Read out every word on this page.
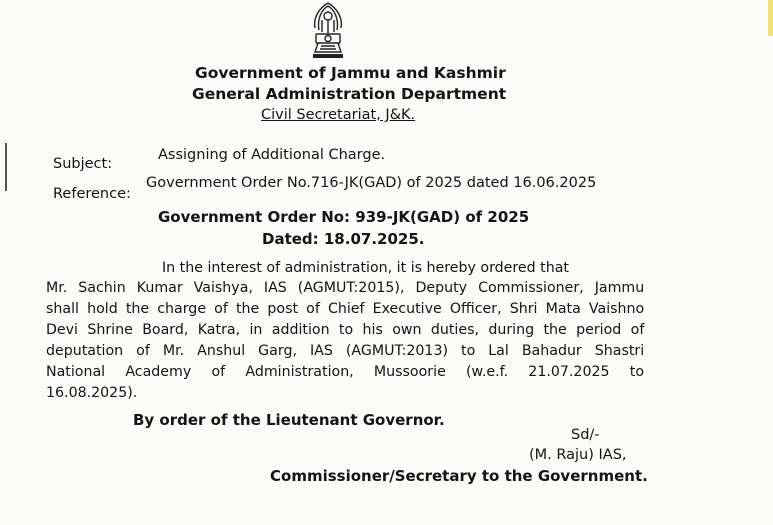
Government of Jammu and Kashmir
General Administration Department
Civil Secretariat, J&K.
Subject:
Assigning of Additional Charge.
Reference:
Government Order No.716-JK(GAD) of 2025 dated 16.06.2025
Government Order No: 939-JK(GAD) of 2025
Dated: 18.07.2025.
In the interest of administration, it is hereby ordered that
Mr. Sachin Kumar Vaishya, IAS (AGMUT:2015), Deputy Commissioner, Jammu
shall hold the charge of the post of Chief Executive Officer, Shri Mata Vaishno
Devi Shrine Board, Katra, in addition to his own duties, during the period of
deputation of Mr. Anshul Garg, IAS (AGMUT:2013) to Lal Bahadur Shastri
National Academy of Administration, Mussoorie (w.e.f. 21.07.2025 to
16.08.2025).
By order of the Lieutenant Governor.
Sd/-
(M. Raju) IAS,
Commissioner/Secretary to the Government.
